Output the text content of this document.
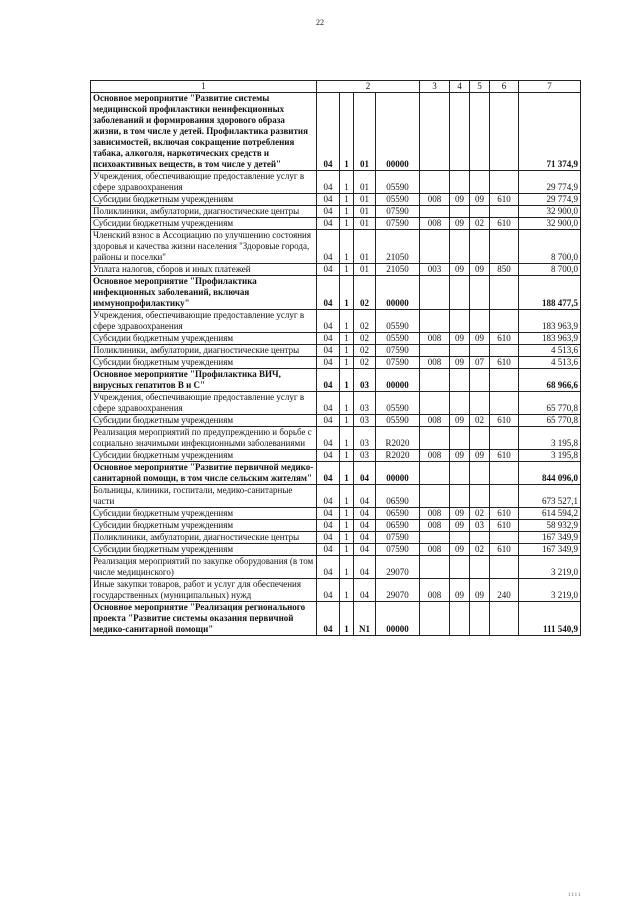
22
1	2				3	4	5	6	7
Основное мероприятие "Развитие системы медицинской профилактики неинфекционных заболеваний и формирования здорового образа жизни, в том числе у детей. Профилактика развития зависимостей, включая сокращение потребления табака, алкоголя, наркотических средств и психоактивных веществ, в том числе у детей"	04	1	01	00000					71 374,9
Учреждения, обеспечивающие предоставление услуг в сфере здравоохранения	04	1	01	05590					29 774,9
Субсидии бюджетным учреждениям	04	1	01	05590	008	09	09	610	29 774,9
Поликлиники, амбулатории, диагностические центры	04	1	01	07590					32 900,0
Субсидии бюджетным учреждениям	04	1	01	07590	008	09	02	610	32 900,0
Членский взнос в Ассоциацию по улучшению состояния здоровья и качества жизни населения "Здоровые города, районы и поселки"	04	1	01	21050					8 700,0
Уплата налогов, сборов и иных платежей	04	1	01	21050	003	09	09	850	8 700,0
Основное мероприятие "Профилактика инфекционных заболеваний, включая иммунопрофилактику"	04	1	02	00000					188 477,5
Учреждения, обеспечивающие предоставление услуг в сфере здравоохранения	04	1	02	05590					183 963,9
Субсидии бюджетным учреждениям	04	1	02	05590	008	09	09	610	183 963,9
Поликлиники, амбулатории, диагностические центры	04	1	02	07590					4 513,6
Субсидии бюджетным учреждениям	04	1	02	07590	008	09	07	610	4 513,6
Основное мероприятие "Профилактика ВИЧ, вирусных гепатитов В и С"	04	1	03	00000					68 966,6
Учреждения, обеспечивающие предоставление услуг в сфере здравоохранения	04	1	03	05590					65 770,8
Субсидии бюджетным учреждениям	04	1	03	05590	008	09	02	610	65 770,8
Реализация мероприятий по предупреждению и борьбе с социально значимыми инфекционными заболеваниями	04	1	03	R2020					3 195,8
Субсидии бюджетным учреждениям	04	1	03	R2020	008	09	09	610	3 195,8
Основное мероприятие "Развитие первичной медико-санитарной помощи, в том числе сельским жителям"	04	1	04	00000					844 096,0
Больницы, клиники, госпитали, медико-санитарные части	04	1	04	06590					673 527,1
Субсидии бюджетным учреждениям	04	1	04	06590	008	09	02	610	614 594,2
Субсидии бюджетным учреждениям	04	1	04	06590	008	09	03	610	58 932,9
Поликлиники, амбулатории, диагностические центры	04	1	04	07590					167 349,9
Субсидии бюджетным учреждениям	04	1	04	07590	008	09	02	610	167 349,9
Реализация мероприятий по закупке оборудования (в том числе медицинского)	04	1	04	29070					3 219,0
Иные закупки товаров, работ и услуг для обеспечения государственных (муниципальных) нужд	04	1	04	29070	008	09	09	240	3 219,0
Основное мероприятие "Реализация регионального проекта "Развитие системы оказания первичной медико-санитарной помощи"	04	1	N1	00000					111 540,9
1111
